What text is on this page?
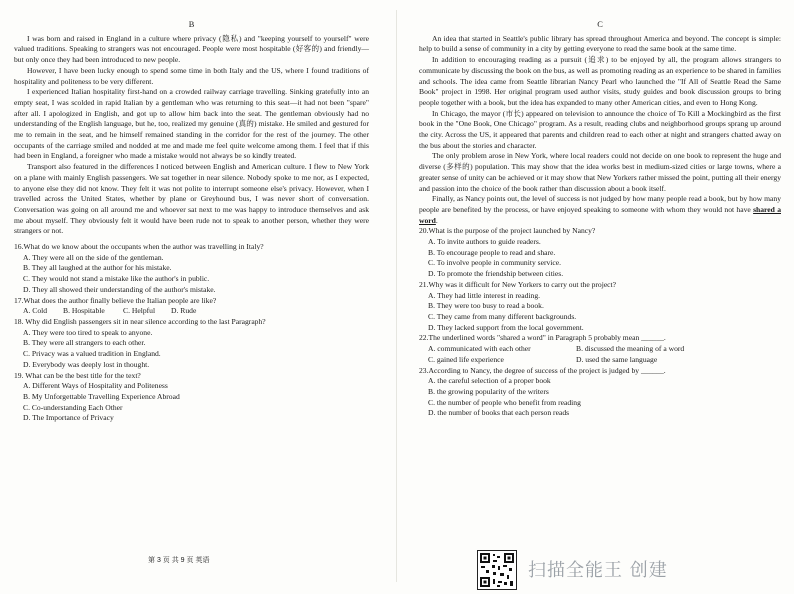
B

I was born and raised in England in a culture where privacy (隐私) and "keeping yourself to yourself" were valued traditions. Speaking to strangers was not encouraged. People were most hospitable (好客的) and friendly—but only once they had been introduced to new people.

However, I have been lucky enough to spend some time in both Italy and the US, where I found traditions of hospitality and politeness to be very different.

I experienced Italian hospitality first-hand on a crowded railway carriage travelling. Sinking gratefully into an empty seat, I was scolded in rapid Italian by a gentleman who was returning to this seat—it had not been "spare" after all. I apologized in English, and got up to allow him back into the seat. The gentleman obviously had no understanding of the English language, but he, too, realized my genuine (真的) mistake. He smiled and gestured for me to remain in the seat, and he himself remained standing in the corridor for the rest of the journey. The other occupants of the carriage smiled and nodded at me and made me feel quite welcome among them. I feel that if this had been in England, a foreigner who made a mistake would not always be so kindly treated.

Transport also featured in the differences I noticed between English and American culture. I flew to New York on a plane with mainly English passengers. We sat together in near silence. Nobody spoke to me nor, as I expected, to anyone else they did not know. They felt it was not polite to interrupt someone else's privacy. However, when I travelled across the United States, whether by plane or Greyhound bus, I was never short of conversation. Conversation was going on all around me and whoever sat next to me was happy to introduce themselves and ask me about myself. They obviously felt it would have been rude not to speak to another person, whether they were strangers or not.

16.What do we know about the occupants when the author was travelling in Italy?

A. They were all on the side of the gentleman.

B. They all laughed at the author for his mistake.

C. They would not stand a mistake like the author's in public.

D. They all showed their understanding of the author's mistake.

17.What does the author finally believe the Italian people are like?

A. Cold B. Hospitable C. Helpful D. Rude

18. Why did English passengers sit in near silence according to the last Paragraph?

A. They were too tired to speak to anyone.

B. They were all strangers to each other.

C. Privacy was a valued tradition in England.

D. Everybody was deeply lost in thought.

19. What can be the best title for the text?

A. Different Ways of Hospitality and Politeness

B. My Unforgettable Travelling Experience Abroad

C. Co-understanding Each Other

D. The Importance of Privacy

C

An idea that started in Seattle's public library has spread throughout America and beyond. The concept is simple: help to build a sense of community in a city by getting everyone to read the same book at the same time.

In addition to encouraging reading as a pursuit (追求) to be enjoyed by all, the program allows strangers to communicate by discussing the book on the bus, as well as promoting reading as an experience to be shared in families and schools. The idea came from Seattle librarian Nancy Pearl who launched the "If All of Seattle Read the Same Book" project in 1998. Her original program used author visits, study guides and book discussion groups to bring people together with a book, but the idea has expanded to many other American cities, and even to Hong Kong.

In Chicago, the mayor (市长) appeared on television to announce the choice of To Kill a Mockingbird as the first book in the "One Book, One Chicago" program. As a result, reading clubs and neighborhood groups sprang up around the city. Across the US, it appeared that parents and children read to each other at night and strangers chatted away on the bus about the stories and character.

The only problem arose in New York, where local readers could not decide on one book to represent the huge and diverse (多样的) population. This may show that the idea works best in medium-sized cities or large towns, where a greater sense of unity can be achieved or it may show that New Yorkers rather missed the point, putting all their energy and passion into the choice of the book rather than discussion about a book itself.

Finally, as Nancy points out, the level of success is not judged by how many people read a book, but by how many people are benefited by the process, or have enjoyed speaking to someone with whom they would not have shared a word.

20.What is the purpose of the project launched by Nancy?

A. To invite authors to guide readers.

B. To encourage people to read and share.

C. To involve people in community service.

D. To promote the friendship between cities.

21.Why was it difficult for New Yorkers to carry out the project?

A. They had little interest in reading.

B. They were too busy to read a book.

C. They came from many different backgrounds.

D. They lacked support from the local government.

22.The underlined words "shared a word" in Paragraph 5 probably mean ______.

A. communicated with each other	B. discussed the meaning of a word

C. gained life experience	D. used the same language

23.According to Nancy, the degree of success of the project is judged by ______.

A. the careful selection of a proper book

B. the growing popularity of the writers

C. the number of people who benefit from reading

D. the number of books that each person reads

第 3 页 共 9 页 英语	扫描全能王 创建
